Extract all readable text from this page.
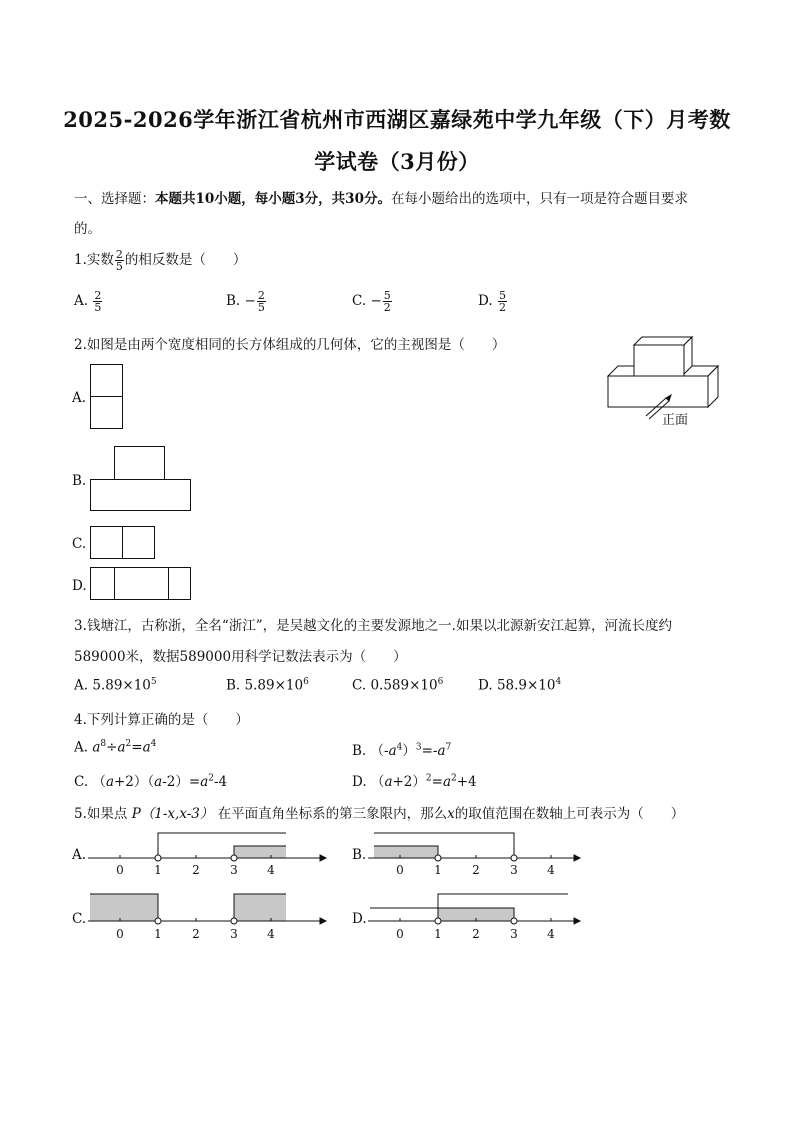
2025-2026学年浙江省杭州市西湖区嘉绿苑中学九年级（下）月考数
学试卷（3月份）
一、选择题：本题共10小题，每小题3分，共30分。在每小题给出的选项中，只有一项是符合题目要求
的。
1.实数 $\frac{2}{5}$ 的相反数是（　　）
A. $\frac{2}{5}$	B. − $\frac{2}{5}$	C. − $\frac{5}{2}$	D. $\frac{5}{2}$
2.如图是由两个宽度相同的长方体组成的几何体，它的主视图是（　　）
正面
A.
B.
C.
D.
3.钱塘江，古称浙，全名“浙江”，是吴越文化的主要发源地之一.如果以北源新安江起算，河流长度约
589000米，数据589000用科学记数法表示为（　　）
A. $5.89\times 10^5$	B. $5.89\times 10^6$	C. $0.589\times 10^6$	D. $58.9\times 10^4$
4.下列计算正确的是（　　）
A. $a^8\div a^2=a^4$	B. $(-a^4)^3=-a^7$
C. $(a+2)(a-2)=a^2-4$	D. $(a+2)^2=a^2+4$
5.如果点 P（1-x,x-3） 在平面直角坐标系的第三象限内，那么x的取值范围在数轴上可表示为（　　）
A.
0	1	2	3 4
B.
0	1	2	3 4
C.
0	1	2	3 4
D.
0	1	2	3 4
